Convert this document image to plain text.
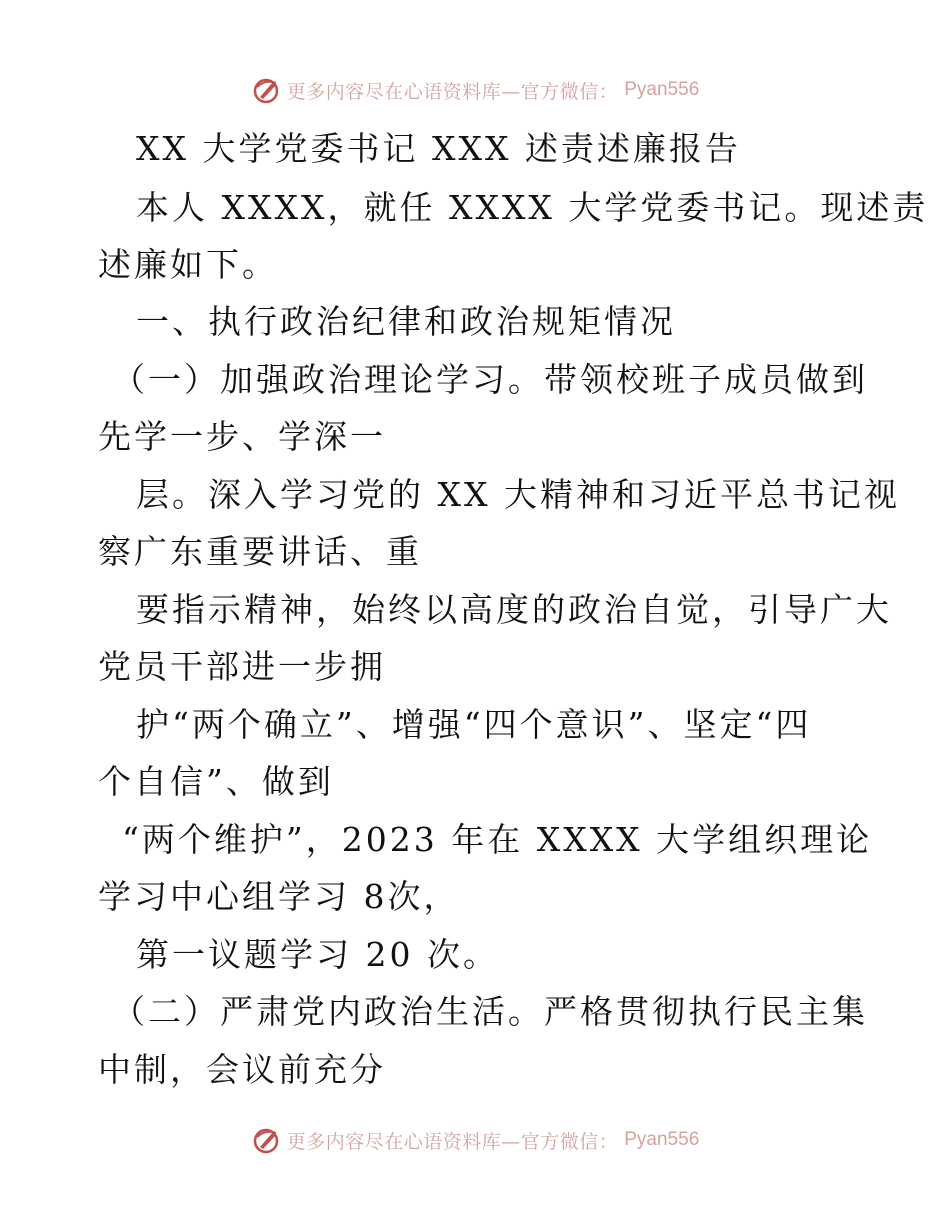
更多内容尽在心语资料库—官方微信： Pyan556
XX 大学党委书记 XXX 述责述廉报告
本人 XXXX，就任 XXXX 大学党委书记。现述责
述廉如下。
一、执行政治纪律和政治规矩情况
（一）加强政治理论学习。带领校班子成员做到
先学一步、学深一
层。深入学习党的 XX 大精神和习近平总书记视
察广东重要讲话、重
要指示精神，始终以高度的政治自觉，引导广大
党员干部进一步拥
护“两个确立”、增强“四个意识”、坚定“四
个自信”、做到
“两个维护”，2023 年在 XXXX 大学组织理论
学习中心组学习 8次，
第一议题学习 20 次。
（二）严肃党内政治生活。严格贯彻执行民主集
中制，会议前充分
更多内容尽在心语资料库—官方微信： Pyan556
